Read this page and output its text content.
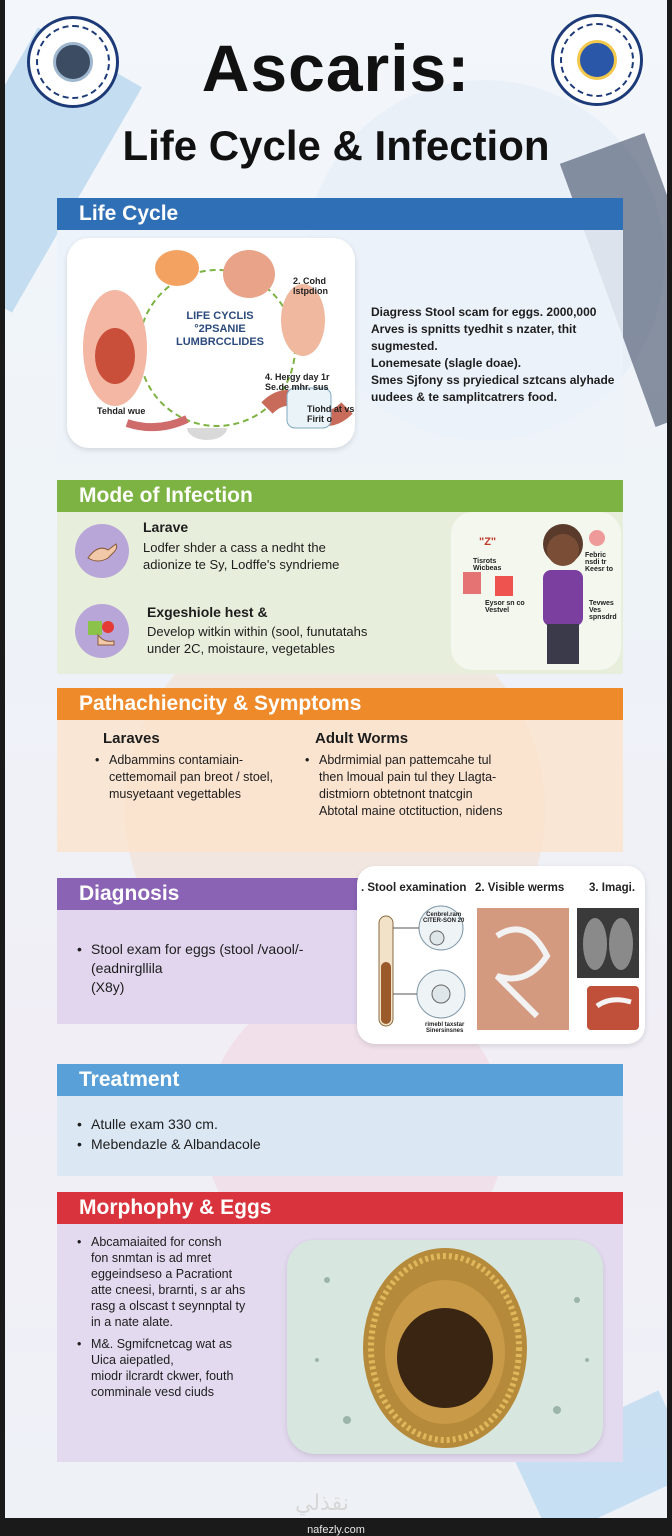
Ascaris:
Life Cycle & Infection
Life Cycle
LIFE CYCLIS
°2PSANIE
LUMBRCCLIDES
2. Cohd
Istpdion
4. Hergy day 1r
Se.de mhr. sus
Tehdal wue	Tiohd at vs
Firit o
Diagress Stool scam for eggs. 2000,000
Arves is spnitts tyedhit s nzater, thit
sugmested.
Lonemesate (slagle doae).
Smes Sjfony ss pryiedical sztcans alyhade
uudees & te samplitcatrers food.
Mode of Infection
Larave
Lodfer shder a cass a nedht the
adionize te Sy, Lodffe's syndrieme
Exgeshiole hest &
Develop witkin within (sool, funutatahs
under 2C, moistaure, vegetables
"Z"
Tisrots
Wicbeas
Febric nsdi tr
Keesr to
Eysor sn co
Vestvel
Tevwes Ves
spnsdrd
Pathachiencity & Symptoms
Laraves
• Adbammins contamiain-
cettemomail pan breot / stoel,
musyetaant vegettables
Adult Worms
• Abdrmimial pan pattemcahe tul
then lmoual pain tul they Llagta-
distmiorn obtetnont tnatcgin
Abtotal maine otctituction, nidens
Diagnosis
• Stool exam for eggs (stool /vaool/-
(eadnirgllila
(X8y)
. Stool examination 2. Visible werms 3. Imagi.
Cenbrel.ram
CITER-SON 20
rimebl taxstar
Sinersinsnes
Treatment
• Atulle exam 330 cm.
• Mebendazle & Albandacole
Morphophy & Eggs
• Abcamaiaited for consh
fon snmtan is ad mret
eggeindseso a Pacrationt
atte cneesi, brarnti, s ar ahs
rasg a olscast t seynnptal ty
in a nate alate.
• M&. Sgmifcnetcag wat as
Uica aiepatled,
miodr ilcrardt ckwer, fouth
comminale vesd ciuds
نقذلي
nafezly.com
